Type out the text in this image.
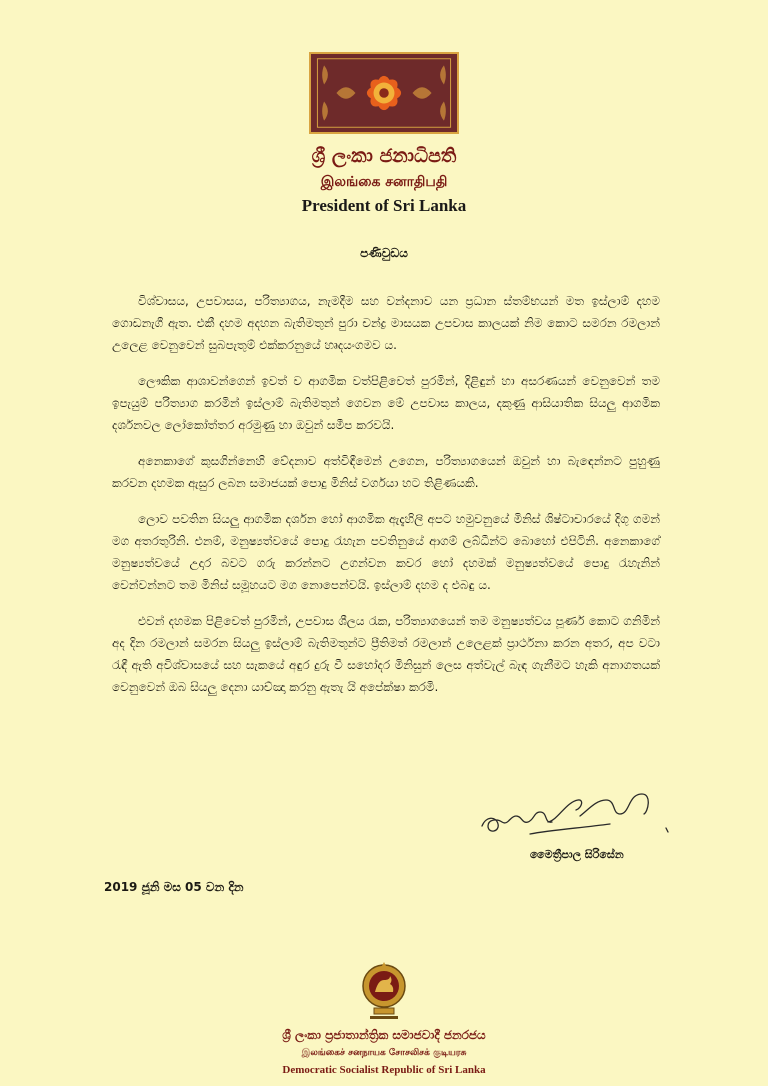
ශ්‍රී ලංකා ජනාධිපති
இலங்கை சனாதிபதி
President of Sri Lanka
පණිවුඩය

විශ්වාසය, උපවාසය, පරිත්‍යාගය, නැමදීම සහ වන්දනාව යන ප්‍රධාන ස්තම්භයන් මත ඉස්ලාම් දහම ගොඩනැගී ඇත. එකී දහම අදහන බැතිමතුන් පුරා චන්ද්‍ර මාසයක උපවාස කාලයක් නිම කොට සමරන රමලාන් උලෙළ වෙනුවෙන් සුබපැතුම් එක්කරනුයේ හෘදයංගමව ය.

ලෞකික ආශාවන්ගෙන් ඉවත් ව ආගමික වත්පිළිවෙත් පුරමින්, දිළිඳුන් හා අසරණයන් වෙනුවෙන් තම ඉපැයුම් පරිත්‍යාග කරමින් ඉස්ලාම් බැතිමතුන් ගෙවන මේ උපවාස කාලය, දකුණු ආසියාතික සියලු ආගමික දර්ශනවල ලෝකෝත්තර අරමුණු හා ඔවුන් සමීප කරවයි.

අනෙකාගේ කුසගින්නෙහි වේදනාව අත්විඳීමෙන් උගෙන, පරිත්‍යාගයෙන් ඔවුන් හා බැඳෙන්නට පුහුණු කරවන දහමක ඇසුර ලබන සමාජයක් පොදු මිනිස් වර්ගයා හට තිළිණයකි.

ලොව පවතින සියලු ආගමික දර්ශන හෝ ආගමික ඇදැහිලි අපට හමුවනුයේ මිනිස් ශිෂ්ටාචාරයේ දිගු ගමන් මග අතරතුරිනි. එනම්, මනුෂ්‍යත්වයේ පොදු රැහැන පවතිනුයේ ආගම් ලබ්ධීන්ට බොහෝ එපිටිනි. අනෙකාගේ මනුෂ්‍යත්වයේ උදාර බවට ගරු කරන්නට උගන්වන කවර හෝ දහමක් මනුෂ්‍යත්වයේ පොදු රැහැනින් වෙන්වන්නට තම මිනිස් සමූහයට මග නොපෙන්වයි. ඉස්ලාම් දහම ද එබඳු ය.

එවන් දහමක පිළිවෙත් පුරමින්, උපවාස ශීලය රැක, පරිත්‍යාගයෙන් තම මනුෂ්‍යත්වය පූර්ණ කොට ගනිමින් අද දින රමලාන් සමරන සියලු ඉස්ලාම් බැතිමතුන්ට ප්‍රීතිමත් රමලාන් උලෙළක් ප්‍රාර්ථනා කරන අතර, අප වටා රැඳී ඇති අවිශ්වාසයේ සහ සැකයේ අඳුර දුරු වී සහෝදර මිනිසුන් ලෙස අත්වැල් බැඳ ගැනීමට හැකි අනාගතයක් වෙනුවෙන් ඔබ සියලු දෙනා යාච්ඤා කරනු ඇතැ යි අපේක්ෂා කරමි.

මෛත්‍රීපාල සිරිසේන
2019 ජූනි මස 05 වන දින
ශ්‍රී ලංකා ප්‍රජාතාන්ත්‍රික සමාජවාදී ජනරජය
இலங்கைச் சனநாயக சோசலிசக் குடியரசு
Democratic Socialist Republic of Sri Lanka
